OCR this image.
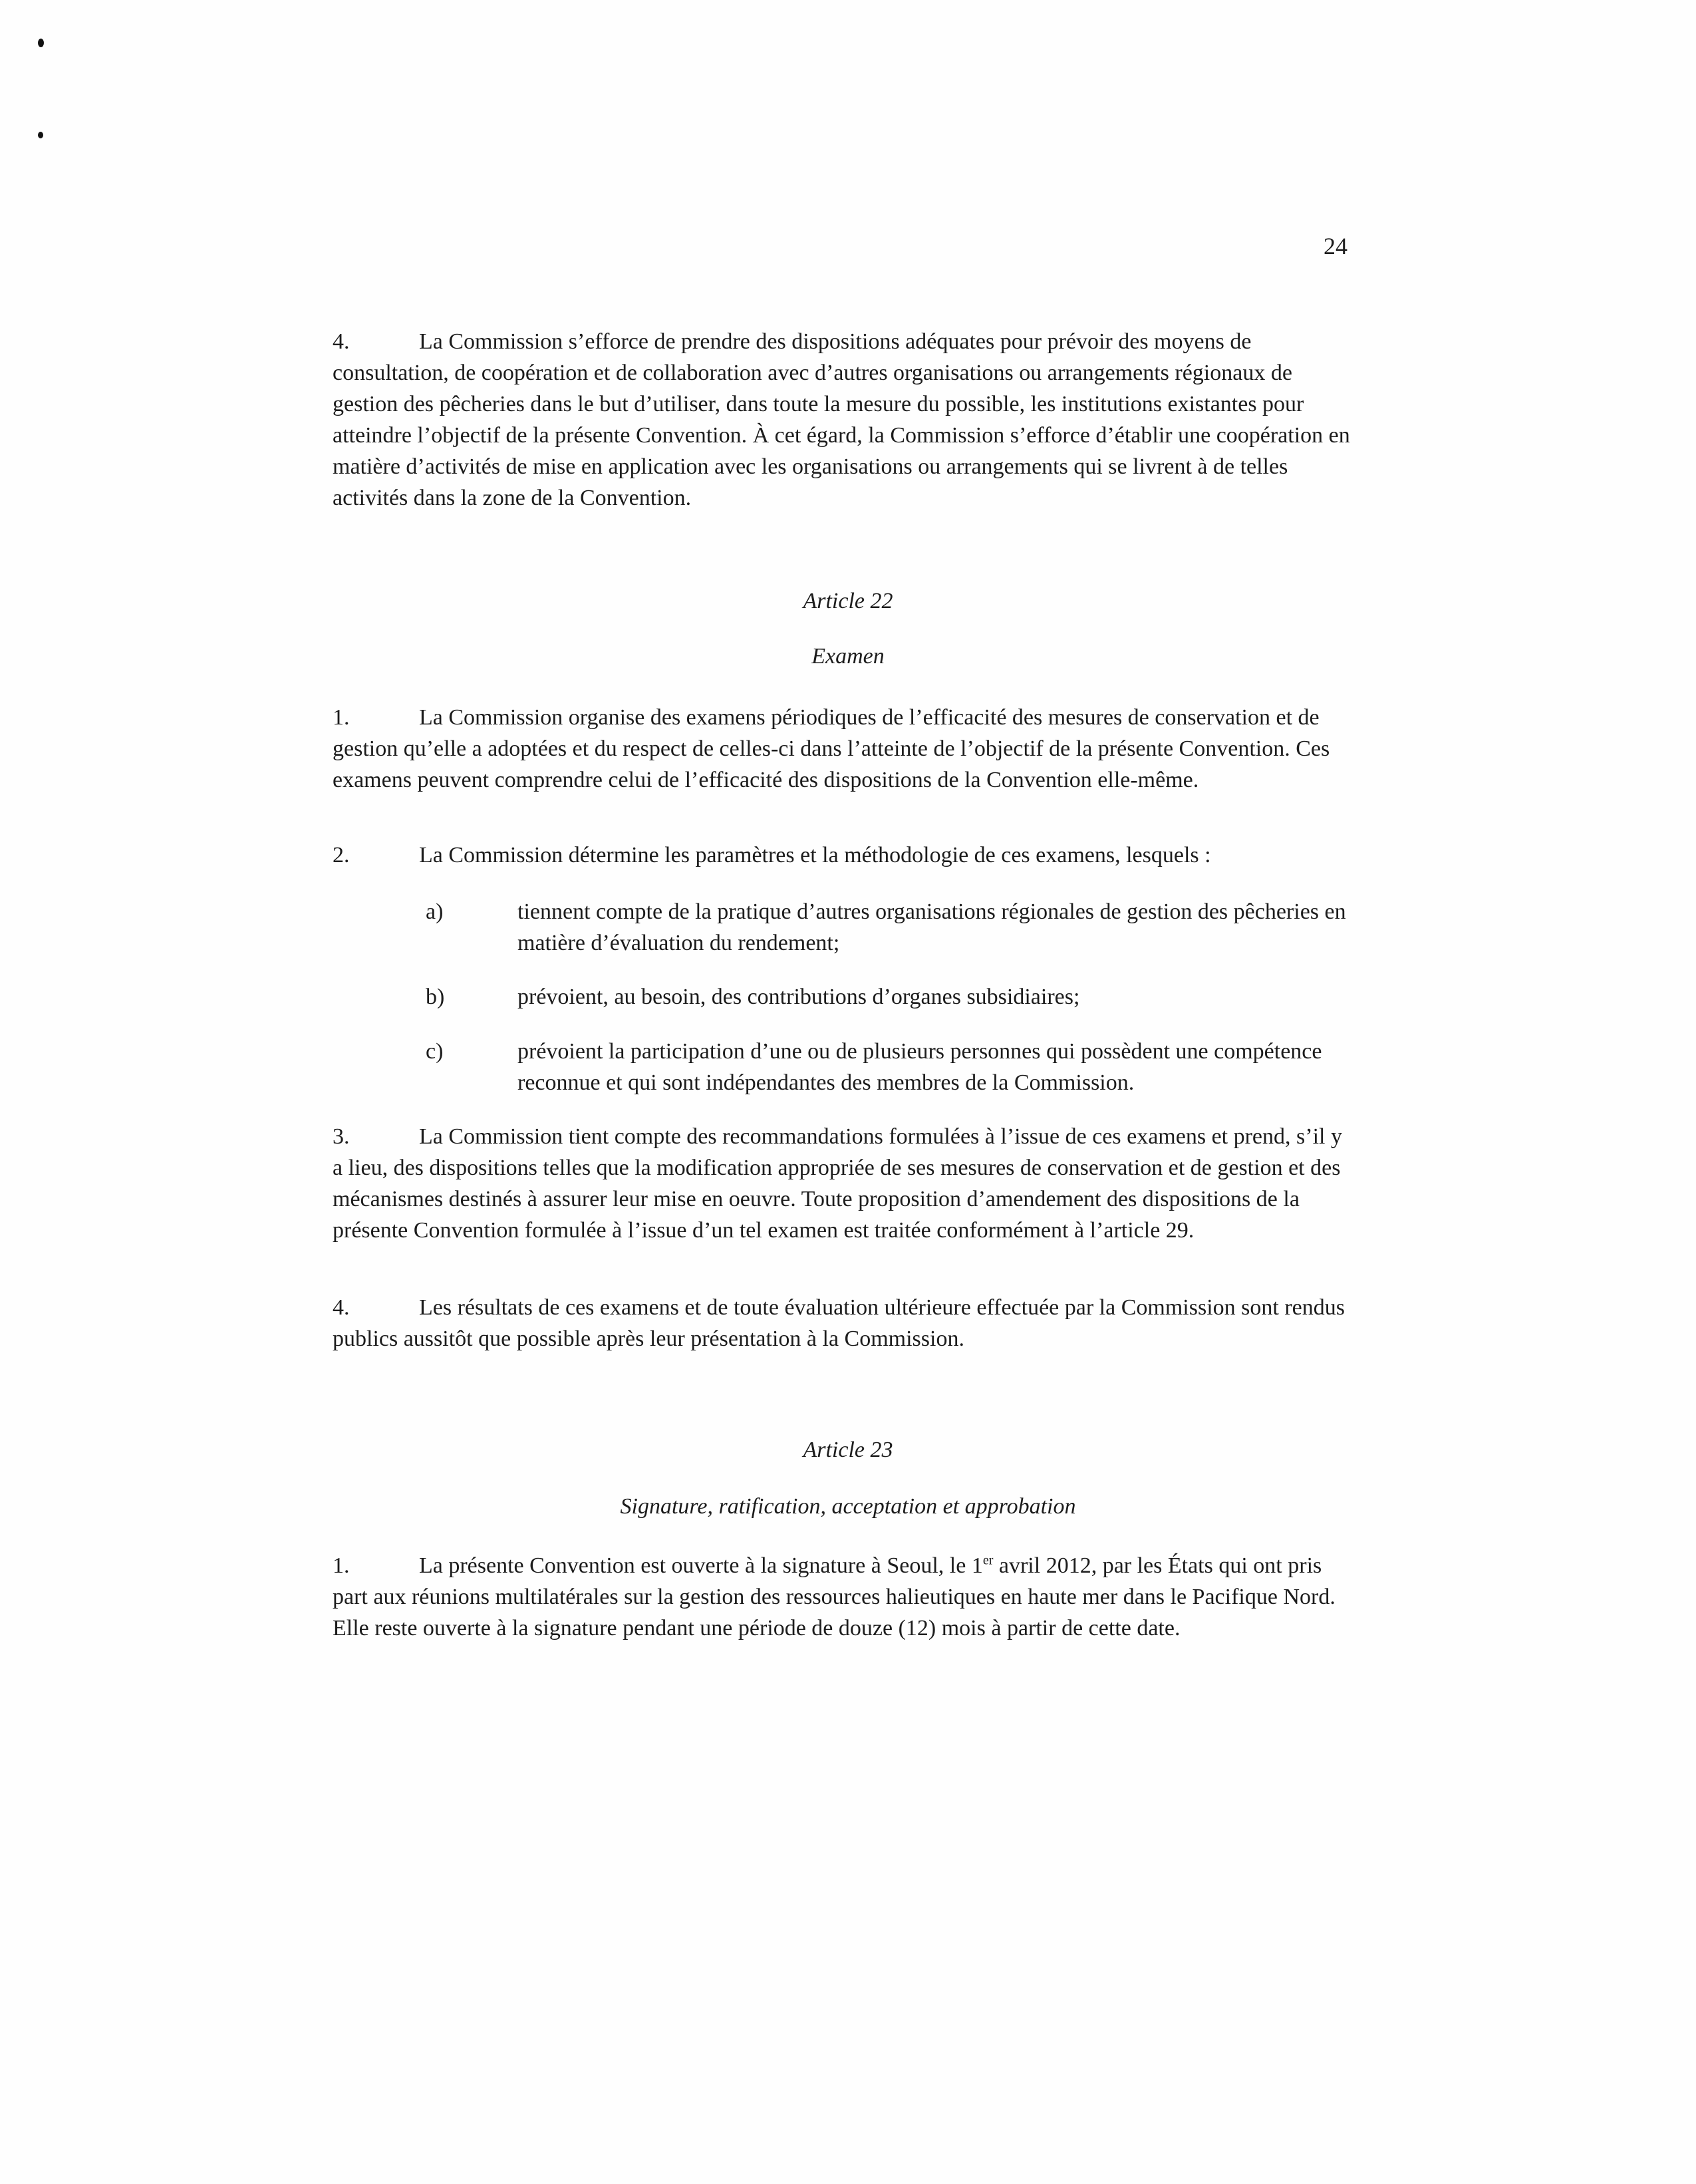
24

4.	La Commission s’efforce de prendre des dispositions adéquates pour prévoir des moyens de consultation, de coopération et de collaboration avec d’autres organisations ou arrangements régionaux de gestion des pêcheries dans le but d’utiliser, dans toute la mesure du possible, les institutions existantes pour atteindre l’objectif de la présente Convention. À cet égard, la Commission s’efforce d’établir une coopération en matière d’activités de mise en application avec les organisations ou arrangements qui se livrent à de telles activités dans la zone de la Convention.

Article 22
Examen

1.	La Commission organise des examens périodiques de l’efficacité des mesures de conservation et de gestion qu’elle a adoptées et du respect de celles-ci dans l’atteinte de l’objectif de la présente Convention. Ces examens peuvent comprendre celui de l’efficacité des dispositions de la Convention elle-même.

2.	La Commission détermine les paramètres et la méthodologie de ces examens, lesquels :

a)	tiennent compte de la pratique d’autres organisations régionales de gestion des pêcheries en matière d’évaluation du rendement;
b)	prévoient, au besoin, des contributions d’organes subsidiaires;
c)	prévoient la participation d’une ou de plusieurs personnes qui possèdent une compétence reconnue et qui sont indépendantes des membres de la Commission.

3.	La Commission tient compte des recommandations formulées à l’issue de ces examens et prend, s’il y a lieu, des dispositions telles que la modification appropriée de ses mesures de conservation et de gestion et des mécanismes destinés à assurer leur mise en oeuvre. Toute proposition d’amendement des dispositions de la présente Convention formulée à l’issue d’un tel examen est traitée conformément à l’article 29.

4.	Les résultats de ces examens et de toute évaluation ultérieure effectuée par la Commission sont rendus publics aussitôt que possible après leur présentation à la Commission.

Article 23
Signature, ratification, acceptation et approbation

1.	La présente Convention est ouverte à la signature à Seoul, le 1er avril 2012, par les États qui ont pris part aux réunions multilatérales sur la gestion des ressources halieutiques en haute mer dans le Pacifique Nord. Elle reste ouverte à la signature pendant une période de douze (12) mois à partir de cette date.
